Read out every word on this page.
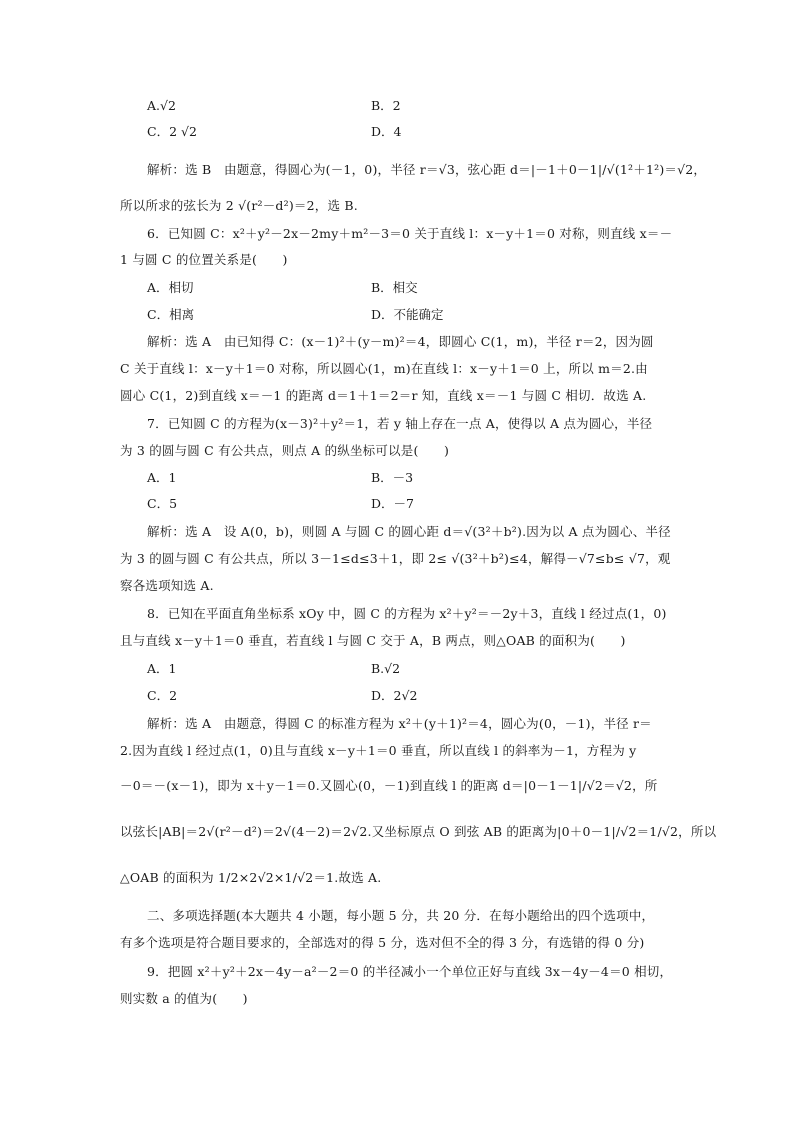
A.√2	B．2
C．2 √2	D．4
解析：选 B　由题意，得圆心为(－1，0)，半径 r＝√3，弦心距 d＝|－1＋0－1|/√(1²＋1²)＝√2，
所以所求的弦长为 2 √(r²－d²)＝2，选 B.
6．已知圆 C：x²＋y²－2x－2my＋m²－3＝0 关于直线 l：x－y＋1＝0 对称，则直线 x＝－
1 与圆 C 的位置关系是(　　)
A．相切	B．相交
C．相离	D．不能确定
解析：选 A　由已知得 C：(x－1)²＋(y－m)²＝4，即圆心 C(1，m)，半径 r＝2，因为圆
C 关于直线 l：x－y＋1＝0 对称，所以圆心(1，m)在直线 l：x－y＋1＝0 上，所以 m＝2.由
圆心 C(1，2)到直线 x＝－1 的距离 d＝1＋1＝2＝r 知，直线 x＝－1 与圆 C 相切．故选 A.
7．已知圆 C 的方程为(x－3)²＋y²＝1，若 y 轴上存在一点 A，使得以 A 点为圆心，半径
为 3 的圆与圆 C 有公共点，则点 A 的纵坐标可以是(　　)
A．1	B．－3
C．5	D．－7
解析：选 A　设 A(0，b)，则圆 A 与圆 C 的圆心距 d＝√(3²＋b²).因为以 A 点为圆心、半径
为 3 的圆与圆 C 有公共点，所以 3－1≤d≤3＋1，即 2≤ √(3²＋b²)≤4，解得－√7≤b≤ √7，观
察各选项知选 A.
8．已知在平面直角坐标系 xOy 中，圆 C 的方程为 x²＋y²＝－2y＋3，直线 l 经过点(1，0)
且与直线 x－y＋1＝0 垂直，若直线 l 与圆 C 交于 A，B 两点，则△OAB 的面积为(　　)
A．1	B.√2
C．2	D．2√2
解析：选 A　由题意，得圆 C 的标准方程为 x²＋(y＋1)²＝4，圆心为(0，－1)，半径 r＝
2.因为直线 l 经过点(1，0)且与直线 x－y＋1＝0 垂直，所以直线 l 的斜率为－1，方程为 y
－0＝－(x－1)，即为 x＋y－1＝0.又圆心(0，－1)到直线 l 的距离 d＝|0－1－1|/√2＝√2，所
以弦长|AB|＝2√(r²－d²)＝2√(4－2)＝2√2.又坐标原点 O 到弦 AB 的距离为|0＋0－1|/√2＝1/√2，所以
△OAB 的面积为 1/2×2√2×1/√2＝1.故选 A.
二、多项选择题(本大题共 4 小题，每小题 5 分，共 20 分．在每小题给出的四个选项中，
有多个选项是符合题目要求的，全部选对的得 5 分，选对但不全的得 3 分，有选错的得 0 分)
9．把圆 x²＋y²＋2x－4y－a²－2＝0 的半径减小一个单位正好与直线 3x－4y－4＝0 相切，
则实数 a 的值为(　　)
